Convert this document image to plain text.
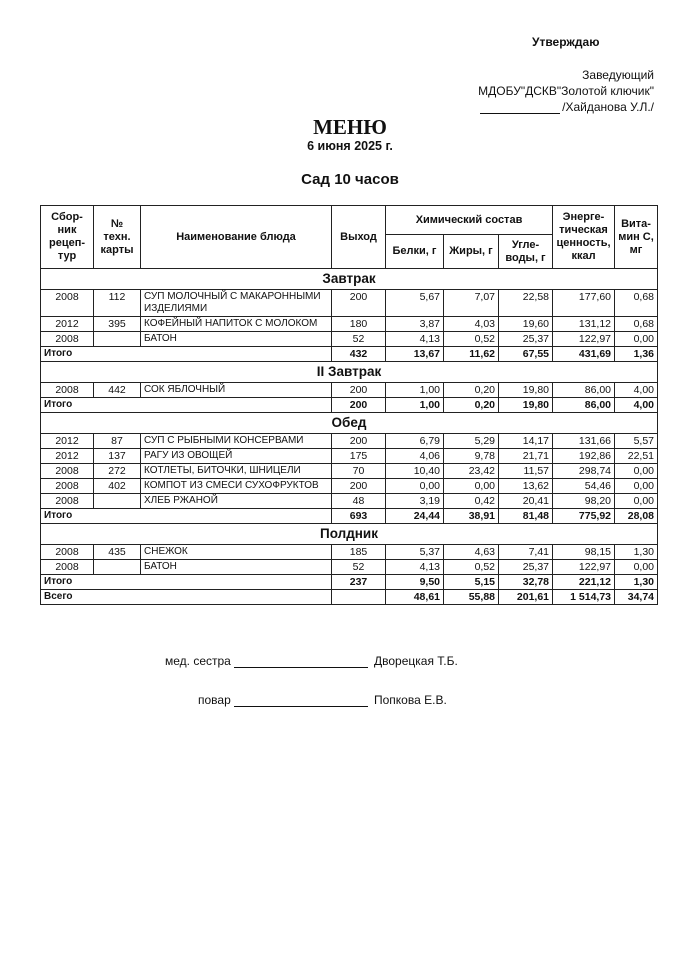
Утверждаю
Заведующий
МДОБУ"ДСКВ"Золотой ключик"
/Хайданова У.Л./
МЕНЮ
6 июня 2025 г.
Сад 10 часов
Сбор-ник рецеп-тур	№ техн. карты	Наименование блюда	Выход	Химический состав			Энерге-тическая ценность, ккал	Вита-мин С, мг
				Белки, г	Жиры, г	Угле-воды, г		
Завтрак								
2008	112	СУП МОЛОЧНЫЙ С МАКАРОННЫМИ ИЗДЕЛИЯМИ	200	5,67	7,07	22,58	177,60	0,68
2012	395	КОФЕЙНЫЙ НАПИТОК С МОЛОКОМ	180	3,87	4,03	19,60	131,12	0,68
2008		БАТОН	52	4,13	0,52	25,37	122,97	0,00
Итого			432	13,67	11,62	67,55	431,69	1,36
II Завтрак								
2008	442	СОК ЯБЛОЧНЫЙ	200	1,00	0,20	19,80	86,00	4,00
Итого			200	1,00	0,20	19,80	86,00	4,00
Обед								
2012	87	СУП С РЫБНЫМИ КОНСЕРВАМИ	200	6,79	5,29	14,17	131,66	5,57
2012	137	РАГУ ИЗ ОВОЩЕЙ	175	4,06	9,78	21,71	192,86	22,51
2008	272	КОТЛЕТЫ, БИТОЧКИ, ШНИЦЕЛИ	70	10,40	23,42	11,57	298,74	0,00
2008	402	КОМПОТ ИЗ СМЕСИ СУХОФРУКТОВ	200	0,00	0,00	13,62	54,46	0,00
2008		ХЛЕБ РЖАНОЙ	48	3,19	0,42	20,41	98,20	0,00
Итого			693	24,44	38,91	81,48	775,92	28,08
Полдник								
2008	435	СНЕЖОК	185	5,37	4,63	7,41	98,15	1,30
2008		БАТОН	52	4,13	0,52	25,37	122,97	0,00
Итого			237	9,50	5,15	32,78	221,12	1,30
Всего				48,61	55,88	201,61	1 514,73	34,74
мед. сестра	Дворецкая Т.Б.
повар	Попкова Е.В.
